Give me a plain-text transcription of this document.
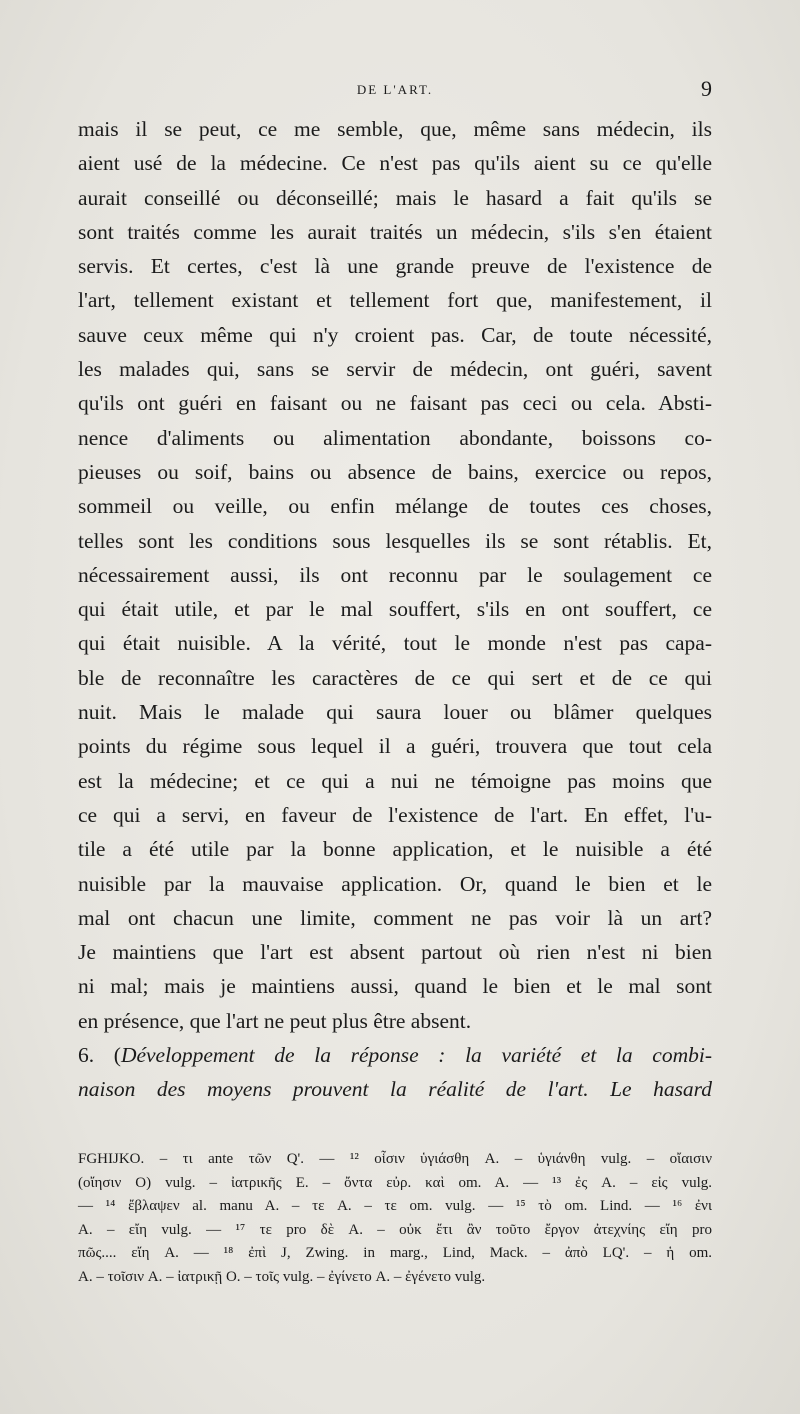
DE L'ART.	9
mais il se peut, ce me semble, que, même sans médecin, ils
aient usé de la médecine. Ce n'est pas qu'ils aient su ce qu'elle
aurait conseillé ou déconseillé; mais le hasard a fait qu'ils se
sont traités comme les aurait traités un médecin, s'ils s'en étaient
servis. Et certes, c'est là une grande preuve de l'existence de
l'art, tellement existant et tellement fort que, manifestement, il
sauve ceux même qui n'y croient pas. Car, de toute nécessité,
les malades qui, sans se servir de médecin, ont guéri, savent
qu'ils ont guéri en faisant ou ne faisant pas ceci ou cela. Absti-
nence d'aliments ou alimentation abondante, boissons co-
pieuses ou soif, bains ou absence de bains, exercice ou repos,
sommeil ou veille, ou enfin mélange de toutes ces choses,
telles sont les conditions sous lesquelles ils se sont rétablis. Et,
nécessairement aussi, ils ont reconnu par le soulagement ce
qui était utile, et par le mal souffert, s'ils en ont souffert, ce
qui était nuisible. A la vérité, tout le monde n'est pas capa-
ble de reconnaître les caractères de ce qui sert et de ce qui
nuit. Mais le malade qui saura louer ou blâmer quelques
points du régime sous lequel il a guéri, trouvera que tout cela
est la médecine; et ce qui a nui ne témoigne pas moins que
ce qui a servi, en faveur de l'existence de l'art. En effet, l'u-
tile a été utile par la bonne application, et le nuisible a été
nuisible par la mauvaise application. Or, quand le bien et le
mal ont chacun une limite, comment ne pas voir là un art?
Je maintiens que l'art est absent partout où rien n'est ni bien
ni mal; mais je maintiens aussi, quand le bien et le mal sont
en présence, que l'art ne peut plus être absent.
6. (Développement de la réponse : la variété et la combi-
naison des moyens prouvent la réalité de l'art. Le hasard
FGHIJKO. – τι ante τῶν Q'. — ¹² οἷσιν ὑγιάσθη A. – ὑγιάνθη vulg. – οἴαισιν
(οἴησιν O) vulg. – ἰατρικῆς E. – ὄντα εὐρ. καὶ om. A. — ¹³ ἐς A. – εἰς vulg.
— ¹⁴ ἔβλαψεν al. manu A. – τε A. – τε om. vulg. — ¹⁵ τὸ om. Lind. — ¹⁶ ἐνι
A. – εἴη vulg. — ¹⁷ τε pro δὲ A. – οὐκ ἔτι ἂν τοῦτο ἔργον ἀτεχνίης εἴη pro
πῶς.... εἴη A. — ¹⁸ ἐπὶ J, Zwing. in marg., Lind, Mack. – ἀπὸ LQ'. – ἡ om.
A. – τοῖσιν A. – ἰατρικῇ O. – τοῖς vulg. – ἐγίνετο A. – ἐγένετο vulg.
